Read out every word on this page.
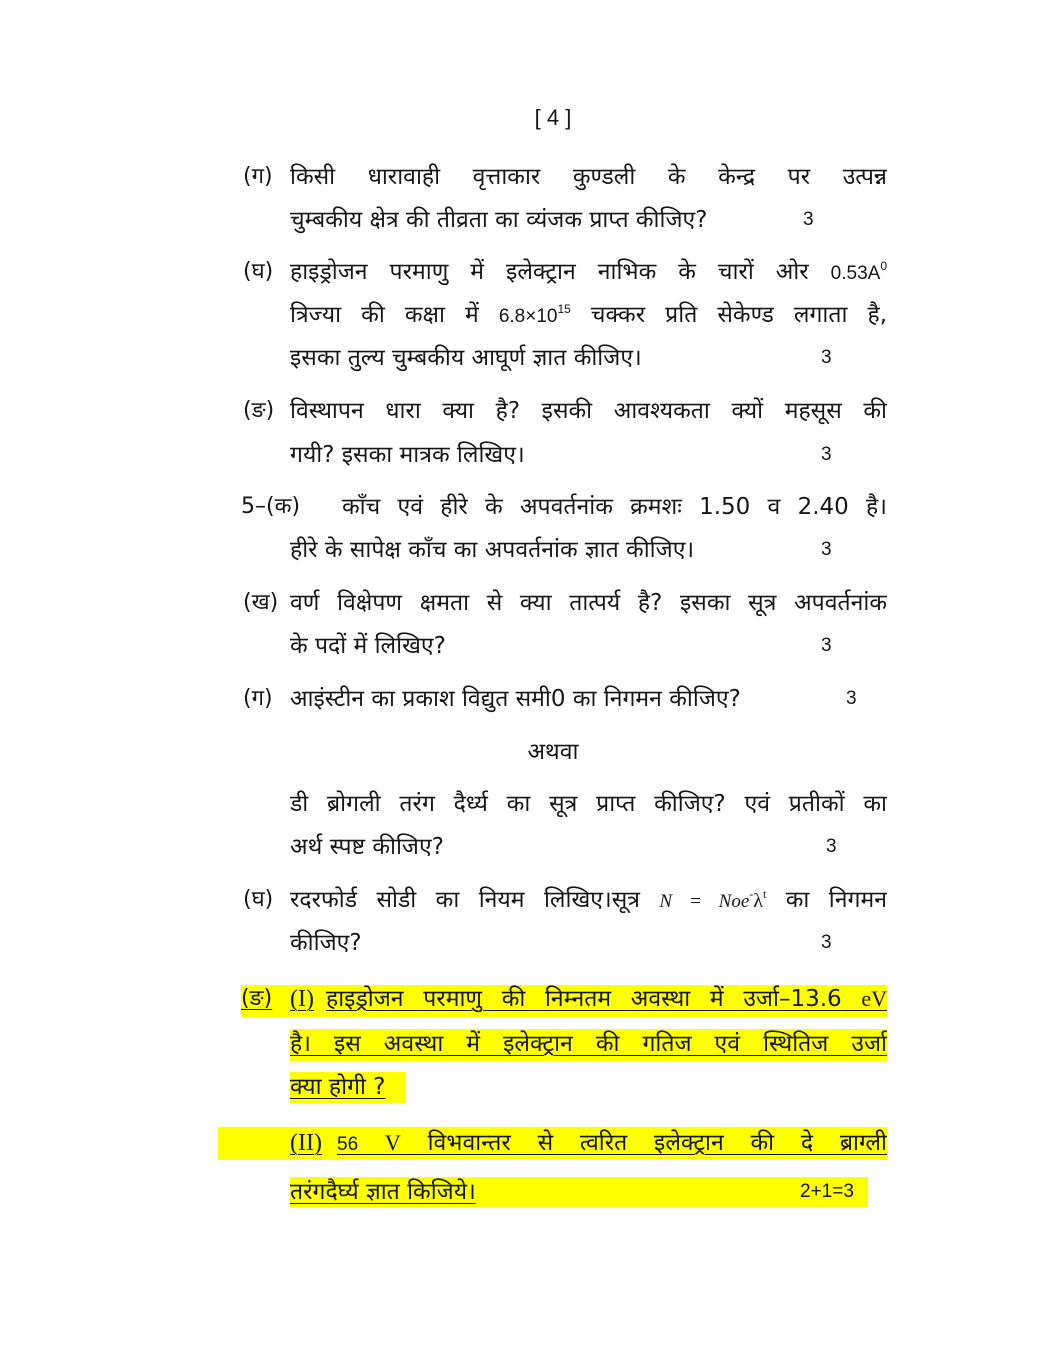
[ 4 ]
(ग) किसी धारावाही वृत्ताकार कुण्डली के केन्द्र पर उत्पन्न
चुम्बकीय क्षेत्र की तीव्रता का व्यंजक प्राप्त कीजिए?	3
(घ) हाइड्रोजन परमाणु में इलेक्ट्रान नाभिक के चारों ओर $0.53A^0$
त्रिज्या की कक्षा में $6.8\times 10^{15}$ चक्कर प्रति सेकेण्ड लगाता है,
इसका तुल्य चुम्बकीय आघूर्ण ज्ञात कीजिए।	3
(ङ) विस्थापन धारा क्या है? इसकी आवश्यकता क्यों महसूस की
गयी? इसका मात्रक लिखिए।	3
5–(क) काँच एवं हीरे के अपवर्तनांक क्रमशः 1.50 व 2.40 है।
हीरे के सापेक्ष काँच का अपवर्तनांक ज्ञात कीजिए।	3
(ख) वर्ण विक्षेपण क्षमता से क्या तात्पर्य है? इसका सूत्र अपवर्तनांक
के पदों में लिखिए?	3
(ग) आइंस्टीन का प्रकाश विद्युत समी0 का निगमन कीजिए?	3
अथवा
डी ब्रोगली तरंग दैर्ध्य का सूत्र प्राप्त कीजिए? एवं प्रतीकों का
अर्थ स्पष्ट कीजिए?	3
(घ) रदरफोर्ड सोडी का नियम लिखिए।सूत्र $N = Noe^-\lambda^t$ का निगमन
कीजिए?	3
(ङ) (I) हाइड्रोजन परमाणु की निम्नतम अवस्था में उर्जा–13.6 eV
है। इस अवस्था में इलेक्ट्रान की गतिज एवं स्थितिज उर्जा
क्या होगी ?
(II) 56 V विभवान्तर से त्वरित इलेक्ट्रान की दे ब्राग्ली
तरंगदैर्घ्य ज्ञात किजिये।	2+1=3
